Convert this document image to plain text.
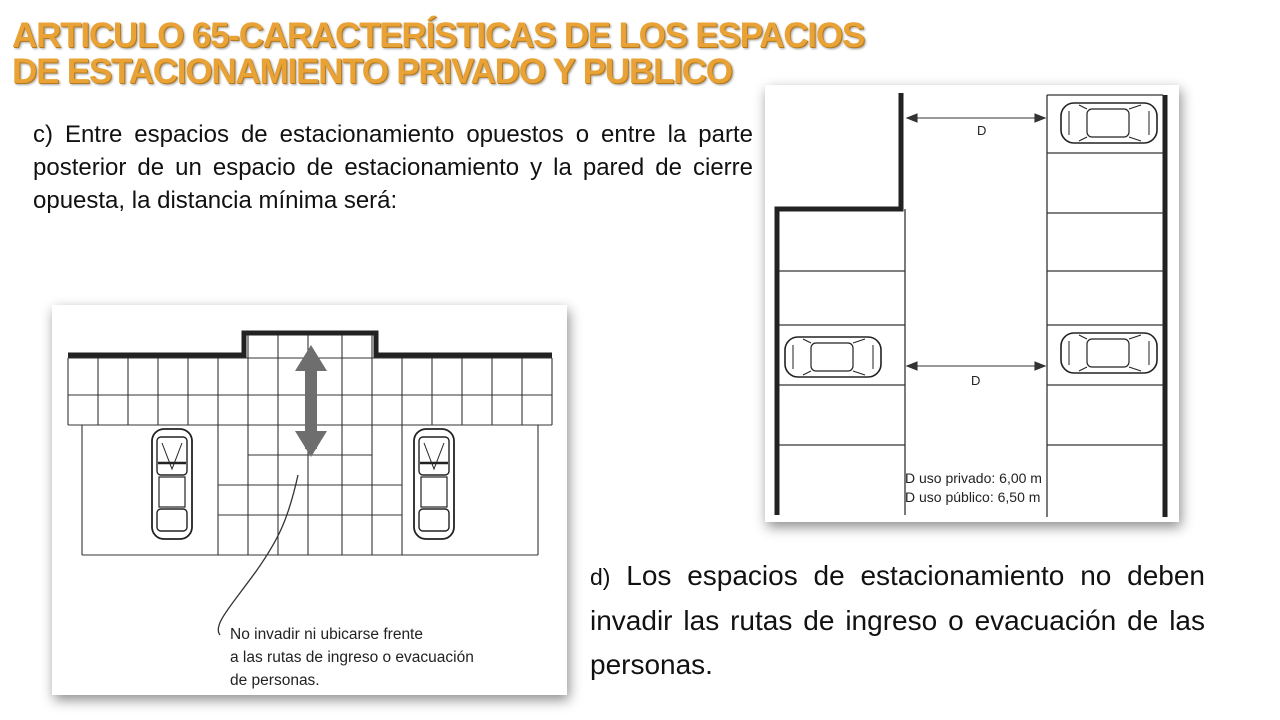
ARTICULO 65-CARACTERÍSTICAS DE LOS ESPACIOS
DE ESTACIONAMIENTO PRIVADO Y PUBLICO

c) Entre espacios de estacionamiento opuestos o entre la parte posterior de un espacio de estacionamiento y la pared de cierre opuesta, la distancia mínima será:

D
D
D uso privado: 6,00 m
D uso público: 6,50 m
No invadir ni ubicarse frente
a las rutas de ingreso o evacuación
de personas.

d) Los espacios de estacionamiento no deben invadir las rutas de ingreso o evacuación de las personas.
